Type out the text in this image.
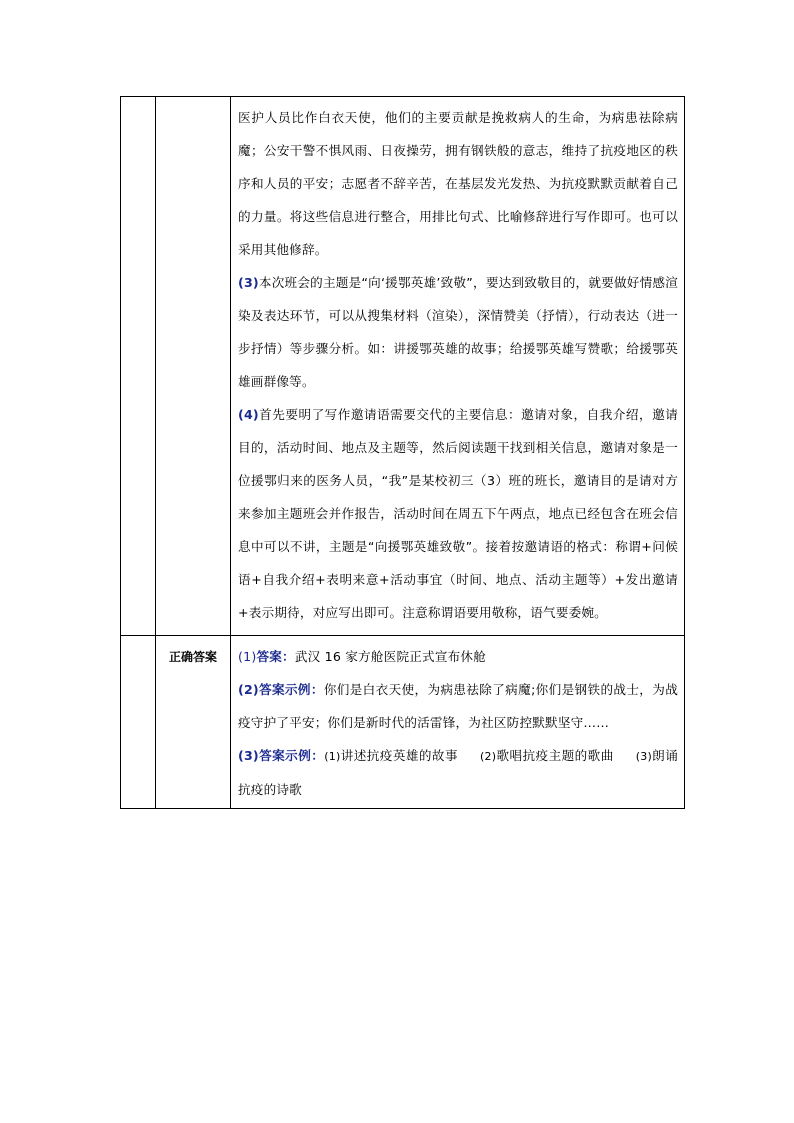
		医护人员比作白衣天使，他们的主要贡献是挽救病人的生命，为病患祛除病魔；公安干警不惧风雨、日夜操劳，拥有钢铁般的意志，维持了抗疫地区的秩序和人员的平安；志愿者不辞辛苦，在基层发光发热、为抗疫默默贡献着自己的力量。将这些信息进行整合，用排比句式、比喻修辞进行写作即可。也可以采用其他修辞。

(3)本次班会的主题是“向‘援鄂英雄’致敬”，要达到致敬目的，就要做好情感渲染及表达环节，可以从搜集材料（渲染），深情赞美（抒情），行动表达（进一步抒情）等步骤分析。如：讲援鄂英雄的故事；给援鄂英雄写赞歌；给援鄂英雄画群像等。

(4)首先要明了写作邀请语需要交代的主要信息：邀请对象，自我介绍，邀请目的，活动时间、地点及主题等，然后阅读题干找到相关信息，邀请对象是一位援鄂归来的医务人员，“我”是某校初三（3）班的班长，邀请目的是请对方来参加主题班会并作报告，活动时间在周五下午两点，地点已经包含在班会信息中可以不讲，主题是“向援鄂英雄致敬”。接着按邀请语的格式：称谓+问候语+自我介绍+表明来意+活动事宜（时间、地点、活动主题等）+发出邀请+表示期待，对应写出即可。注意称谓语要用敬称，语气要委婉。

	正确答案	(1)答案：武汉 16 家方舱医院正式宣布休舱

(2)答案示例：你们是白衣天使，为病患祛除了病魔;你们是钢铁的战士，为战疫守护了平安；你们是新时代的活雷锋，为社区防控默默坚守……

(3)答案示例：(1)讲述抗疫英雄的故事 (2)歌唱抗疫主题的歌曲 (3)朗诵抗疫的诗歌
